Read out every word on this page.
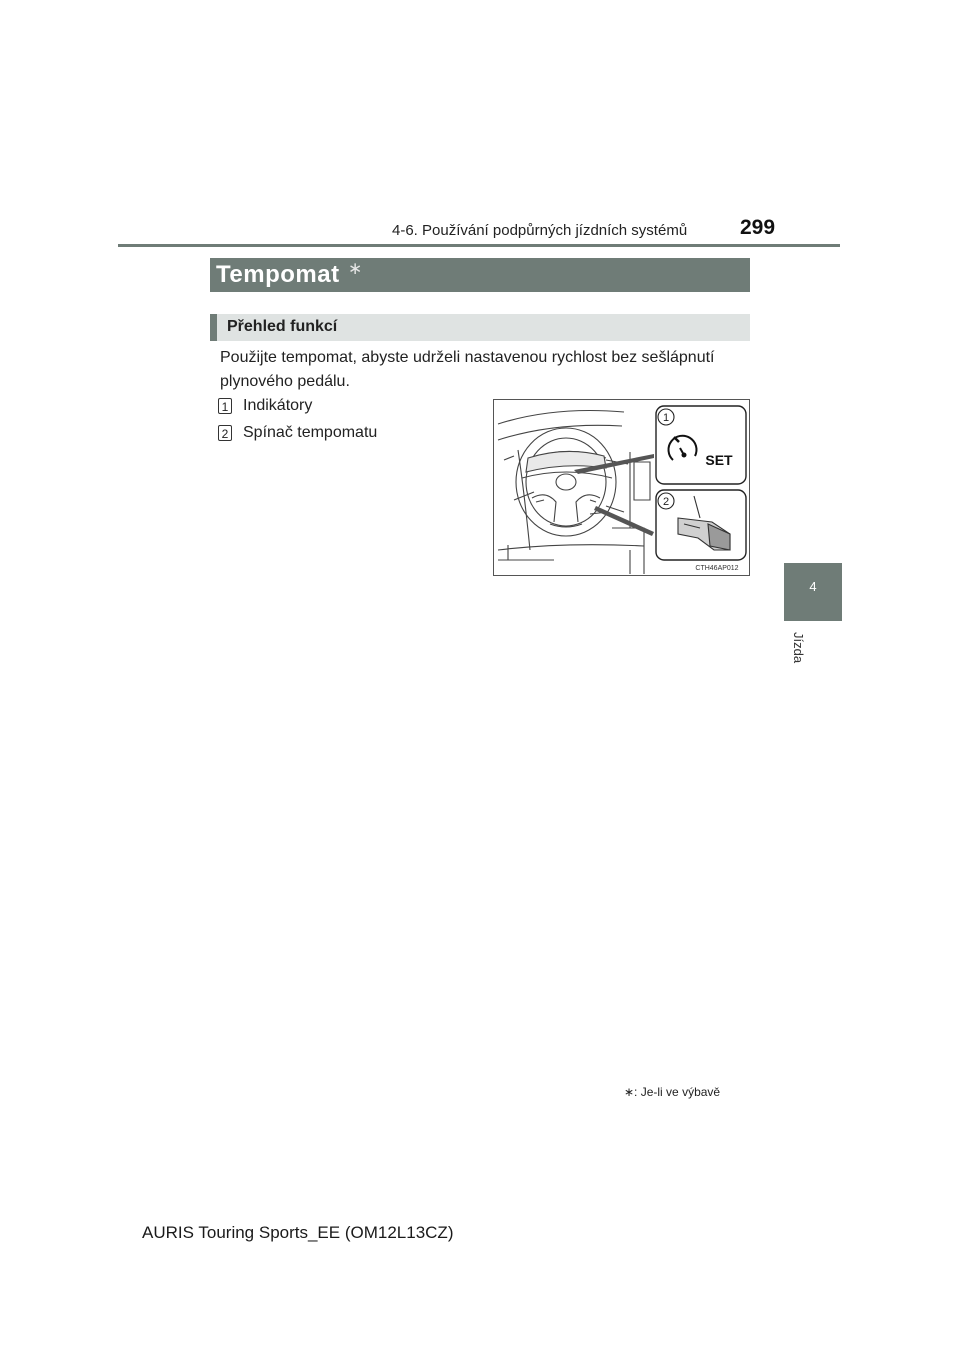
4-6. Používání podpůrných jízdních systémů	299
4
Jízda
Tempomat ∗
Přehled funkcí
Použijte tempomat, abyste udrželi nastavenou rychlost bez sešlápnutí plynového pedálu.
1 Indikátory
2 Spínač tempomatu
1
SET
2
CTH46AP012
∗: Je-li ve výbavě
AURIS Touring Sports_EE (OM12L13CZ)
